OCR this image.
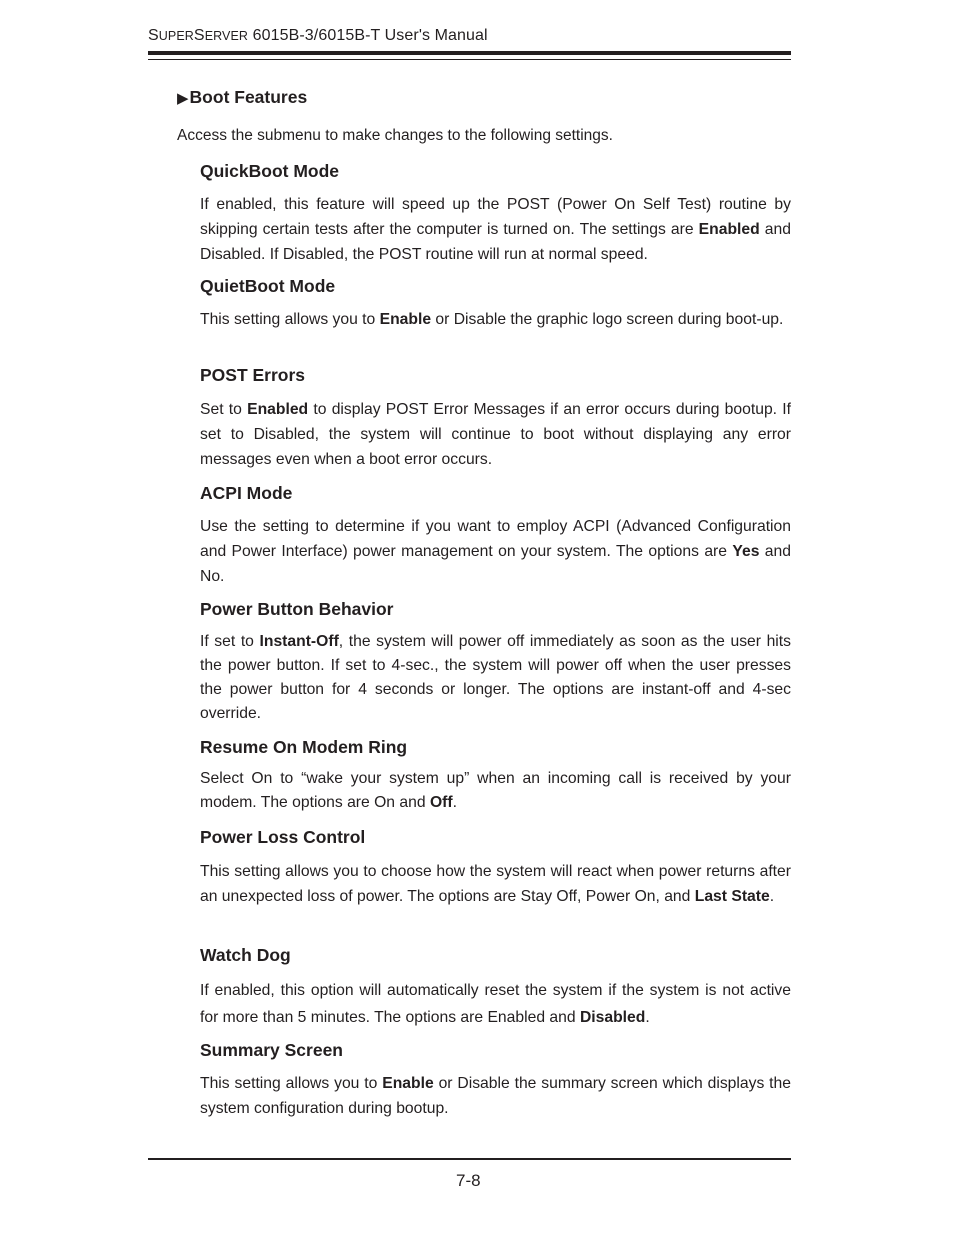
SUPERSERVER 6015B-3/6015B-T User's Manual
▶Boot Features
Access the submenu to make changes to the following settings.
QuickBoot Mode

If enabled, this feature will speed up the POST (Power On Self Test) routine by skipping certain tests after the computer is turned on. The settings are Enabled and Disabled. If Disabled, the POST routine will run at normal speed.

QuietBoot Mode

This setting allows you to Enable or Disable the graphic logo screen during boot-up.

POST Errors

Set to Enabled to display POST Error Messages if an error occurs during bootup. If set to Disabled, the system will continue to boot without displaying any error messages even when a boot error occurs.

ACPI Mode

Use the setting to determine if you want to employ ACPI (Advanced Configuration and Power Interface) power management on your system. The options are Yes and No.

Power Button Behavior

If set to Instant-Off, the system will power off immediately as soon as the user hits the power button. If set to 4-sec., the system will power off when the user presses the power button for 4 seconds or longer. The options are instant-off and 4-sec override.

Resume On Modem Ring

Select On to “wake your system up” when an incoming call is received by your modem. The options are On and Off.

Power Loss Control

This setting allows you to choose how the system will react when power returns after an unexpected loss of power. The options are Stay Off, Power On, and Last State.

Watch Dog

If enabled, this option will automatically reset the system if the system is not active for more than 5 minutes. The options are Enabled and Disabled.

Summary Screen

This setting allows you to Enable or Disable the summary screen which displays the system configuration during bootup.

7-8
